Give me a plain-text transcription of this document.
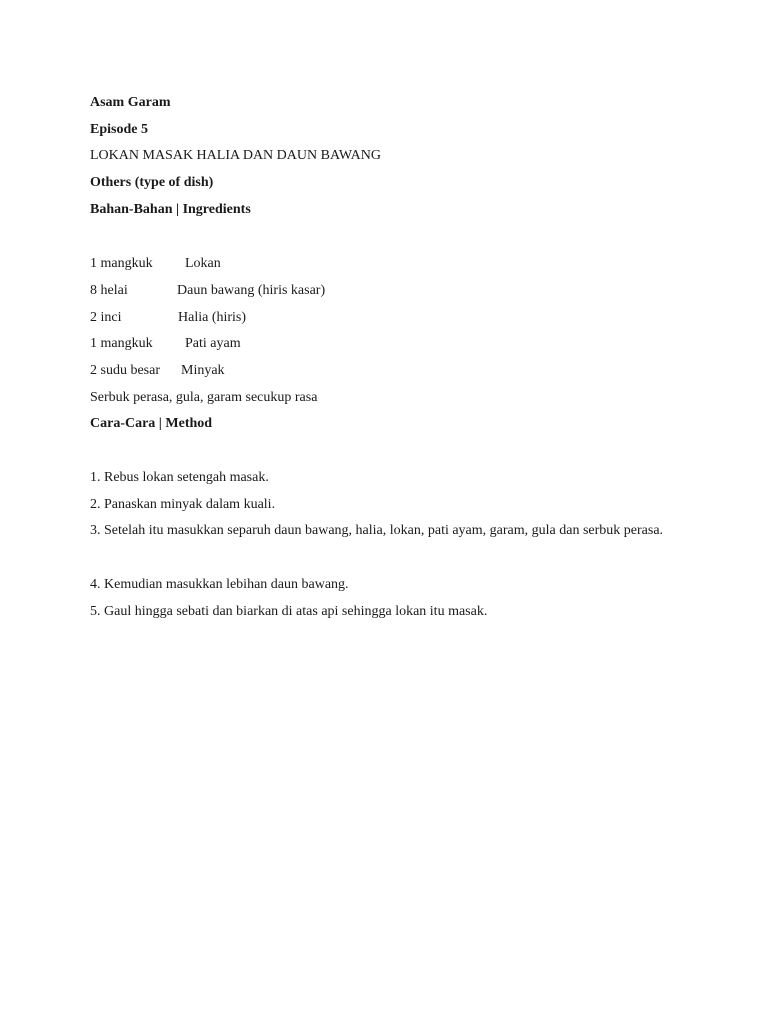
Asam Garam
Episode 5
LOKAN MASAK HALIA DAN DAUN BAWANG
Others (type of dish)
Bahan-Bahan | Ingredients
1 mangkuk Lokan
8 helai	Daun bawang (hiris kasar)
2 inci	Halia (hiris)
1 mangkuk Pati ayam
2 sudu besar Minyak
Serbuk perasa, gula, garam secukup rasa
Cara-Cara | Method
1. Rebus lokan setengah masak.
2. Panaskan minyak dalam kuali.
3. Setelah itu masukkan separuh daun bawang, halia, lokan, pati ayam, garam, gula dan serbuk perasa.
4. Kemudian masukkan lebihan daun bawang.
5. Gaul hingga sebati dan biarkan di atas api sehingga lokan itu masak.
